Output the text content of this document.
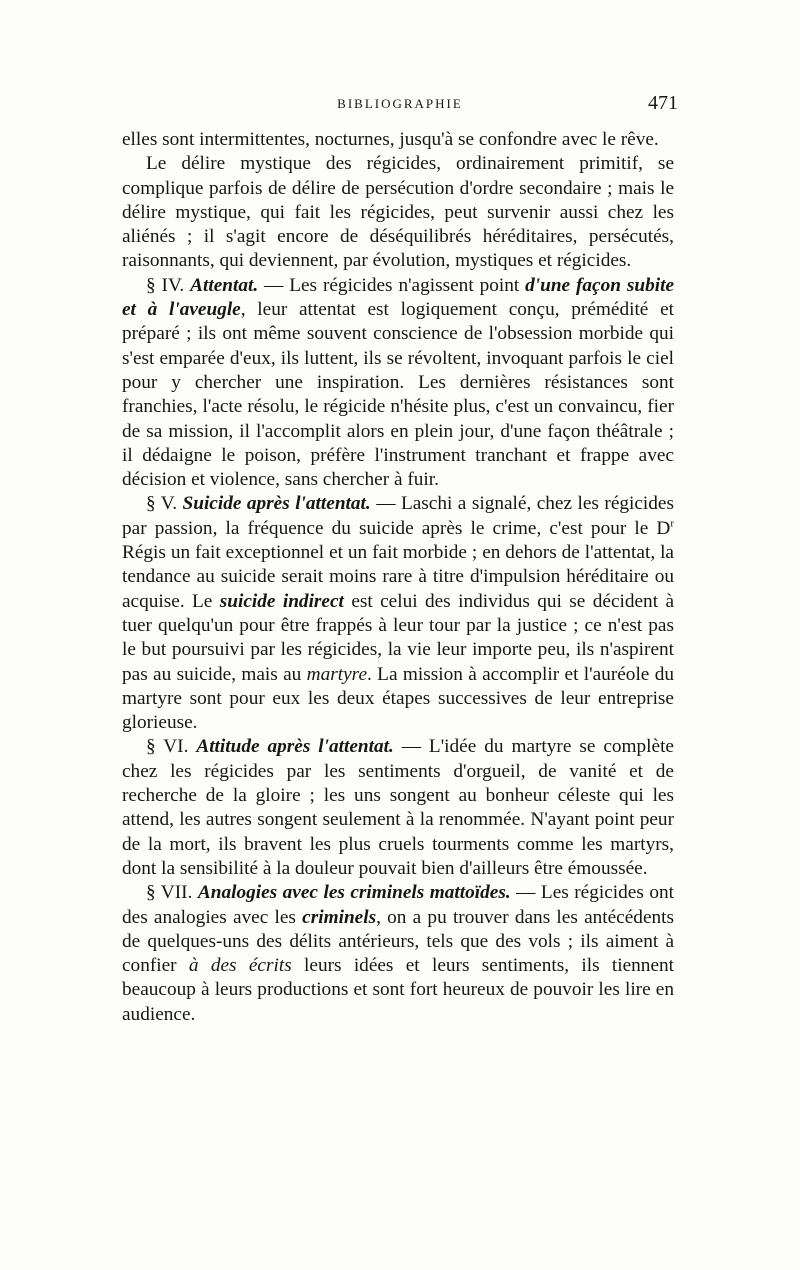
BIBLIOGRAPHIE	471

elles sont intermittentes, nocturnes, jusqu'à se confondre avec le rêve.

Le délire mystique des régicides, ordinairement primitif, se complique parfois de délire de persécution d'ordre secondaire ; mais le délire mystique, qui fait les régicides, peut survenir aussi chez les aliénés ; il s'agit encore de déséquilibrés héréditaires, persécutés, raisonnants, qui deviennent, par évolution, mystiques et régicides.

§ IV. Attentat. — Les régicides n'agissent point d'une façon subite et à l'aveugle, leur attentat est logiquement conçu, prémédité et préparé ; ils ont même souvent conscience de l'obsession morbide qui s'est emparée d'eux, ils luttent, ils se révoltent, invoquant parfois le ciel pour y chercher une inspiration. Les dernières résistances sont franchies, l'acte résolu, le régicide n'hésite plus, c'est un convaincu, fier de sa mission, il l'accomplit alors en plein jour, d'une façon théâtrale ; il dédaigne le poison, préfère l'instrument tranchant et frappe avec décision et violence, sans chercher à fuir.

§ V. Suicide après l'attentat. — Laschi a signalé, chez les régicides par passion, la fréquence du suicide après le crime, c'est pour le $D^r$ Régis un fait exceptionnel et un fait morbide ; en dehors de l'attentat, la tendance au suicide serait moins rare à titre d'impulsion héréditaire ou acquise. Le suicide indirect est celui des individus qui se décident à tuer quelqu'un pour être frappés à leur tour par la justice ; ce n'est pas le but poursuivi par les régicides, la vie leur importe peu, ils n'aspirent pas au suicide, mais au martyre. La mission à accomplir et l'auréole du martyre sont pour eux les deux étapes successives de leur entreprise glorieuse.

§ VI. Attitude après l'attentat. — L'idée du martyre se complète chez les régicides par les sentiments d'orgueil, de vanité et de recherche de la gloire ; les uns songent au bonheur céleste qui les attend, les autres songent seulement à la renommée. N'ayant point peur de la mort, ils bravent les plus cruels tourments comme les martyrs, dont la sensibilité à la douleur pouvait bien d'ailleurs être émoussée.

§ VII. Analogies avec les criminels mattoïdes. — Les régicides ont des analogies avec les criminels, on a pu trouver dans les antécédents de quelques-uns des délits antérieurs, tels que des vols ; ils aiment à confier à des écrits leurs idées et leurs sentiments, ils tiennent beaucoup à leurs productions et sont fort heureux de pouvoir les lire en audience.
